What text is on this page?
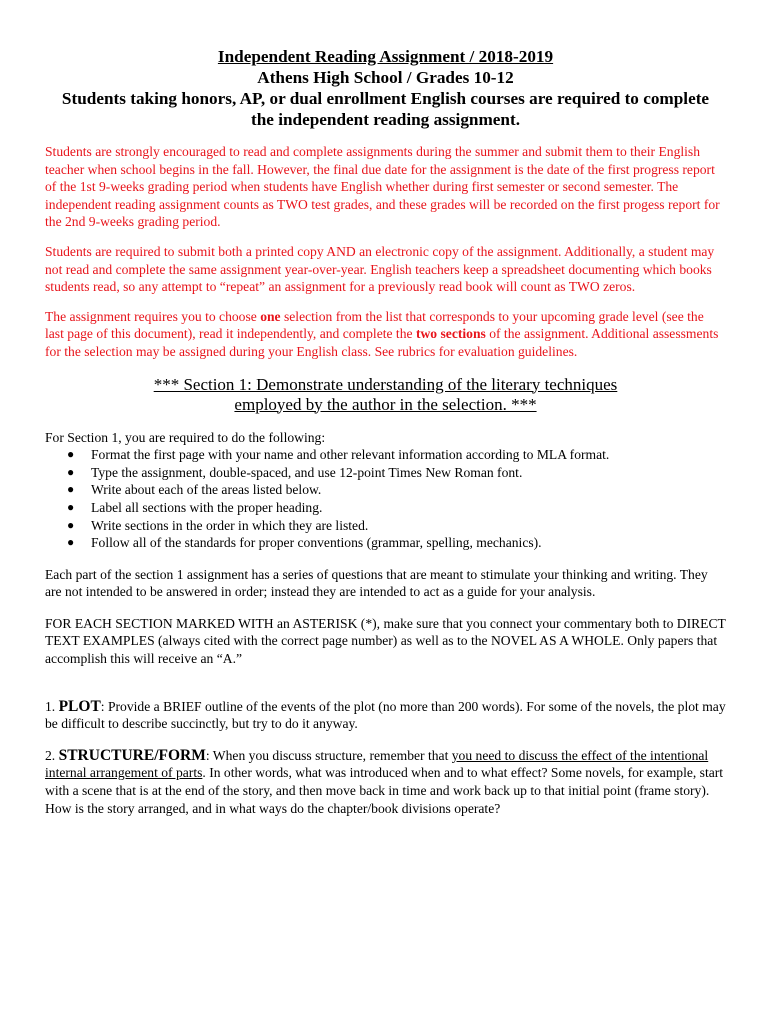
Independent Reading Assignment / 2018-2019
Athens High School / Grades 10-12
Students taking honors, AP, or dual enrollment English courses are required to complete
the independent reading assignment.

Students are strongly encouraged to read and complete assignments during the summer and submit them to their English teacher when school begins in the fall. However, the final due date for the assignment is the date of the first progress report of the 1st 9-weeks grading period when students have English whether during first semester or second semester. The independent reading assignment counts as TWO test grades, and these grades will be recorded on the first progess report for the 2nd 9-weeks grading period.

Students are required to submit both a printed copy AND an electronic copy of the assignment. Additionally, a student may not read and complete the same assignment year-over-year. English teachers keep a spreadsheet documenting which books students read, so any attempt to “repeat” an assignment for a previously read book will count as TWO zeros.

The assignment requires you to choose one selection from the list that corresponds to your upcoming grade level (see the last page of this document), read it independently, and complete the two sections of the assignment. Additional assessments for the selection may be assigned during your English class. See rubrics for evaluation guidelines.

*** Section 1: Demonstrate understanding of the literary techniques
employed by the author in the selection. ***

For Section 1, you are required to do the following:

● Format the first page with your name and other relevant information according to MLA format.
● Type the assignment, double-spaced, and use 12-point Times New Roman font.
● Write about each of the areas listed below.
● Label all sections with the proper heading.
● Write sections in the order in which they are listed.
● Follow all of the standards for proper conventions (grammar, spelling, mechanics).

Each part of the section 1 assignment has a series of questions that are meant to stimulate your thinking and writing. They are not intended to be answered in order; instead they are intended to act as a guide for your analysis.

FOR EACH SECTION MARKED WITH an ASTERISK (*), make sure that you connect your commentary both to DIRECT TEXT EXAMPLES (always cited with the correct page number) as well as to the NOVEL AS A WHOLE. Only papers that accomplish this will receive an “A.”

1. PLOT: Provide a BRIEF outline of the events of the plot (no more than 200 words). For some of the novels, the plot may be difficult to describe succinctly, but try to do it anyway.

2. STRUCTURE/FORM: When you discuss structure, remember that you need to discuss the effect of the intentional internal arrangement of parts. In other words, what was introduced when and to what effect? Some novels, for example, start with a scene that is at the end of the story, and then move back in time and work back up to that initial point (frame story). How is the story arranged, and in what ways do the chapter/book divisions operate?
